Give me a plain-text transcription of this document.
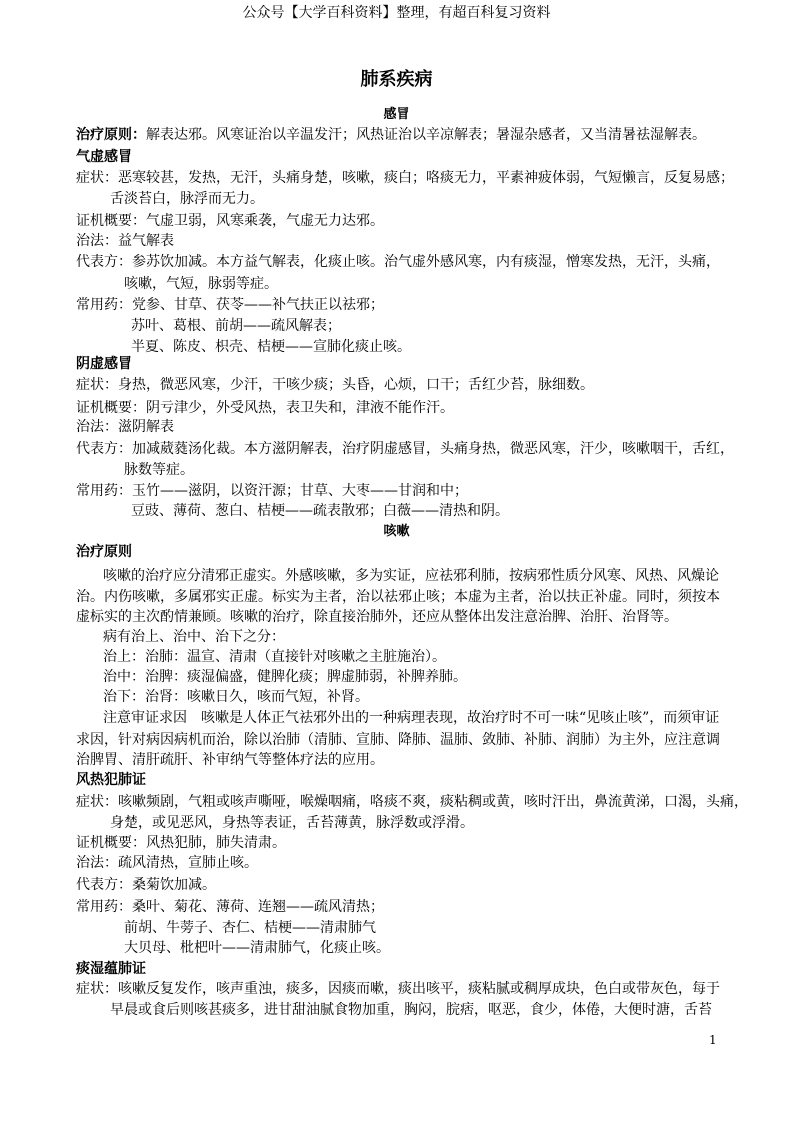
公众号【大学百科资料】整理，有超百科复习资料
肺系疾病
感冒
治疗原则：解表达邪。风寒证治以辛温发汗；风热证治以辛凉解表；暑湿杂感者，又当清暑祛湿解表。
气虚感冒
症状：恶寒较甚，发热，无汗，头痛身楚，咳嗽，痰白；咯痰无力，平素神疲体弱，气短懒言，反复易感；
舌淡苔白，脉浮而无力。
证机概要：气虚卫弱，风寒乘袭，气虚无力达邪。
治法：益气解表
代表方：参苏饮加减。本方益气解表，化痰止咳。治气虚外感风寒，内有痰湿，憎寒发热，无汗，头痛，
咳嗽，气短，脉弱等症。
常用药：党参、甘草、茯苓——补气扶正以祛邪；
苏叶、葛根、前胡——疏风解表；
半夏、陈皮、枳壳、桔梗——宣肺化痰止咳。
阴虚感冒
症状：身热，微恶风寒，少汗，干咳少痰；头昏，心烦，口干；舌红少苔，脉细数。
证机概要：阴亏津少，外受风热，表卫失和，津液不能作汗。
治法：滋阴解表
代表方：加减葳蕤汤化裁。本方滋阴解表，治疗阴虚感冒，头痛身热，微恶风寒，汗少，咳嗽咽干，舌红，
脉数等症。
常用药：玉竹——滋阴，以资汗源；甘草、大枣——甘润和中；
豆豉、薄荷、葱白、桔梗——疏表散邪；白薇——清热和阴。
咳嗽
治疗原则
咳嗽的治疗应分清邪正虚实。外感咳嗽，多为实证，应祛邪利肺，按病邪性质分风寒、风热、风燥论
治。内伤咳嗽，多属邪实正虚。标实为主者，治以祛邪止咳；本虚为主者，治以扶正补虚。同时，须按本
虚标实的主次酌情兼顾。咳嗽的治疗，除直接治肺外，还应从整体出发注意治脾、治肝、治肾等。
病有治上、治中、治下之分：
治上：治肺：温宣、清肃（直接针对咳嗽之主脏施治）。
治中：治脾：痰湿偏盛，健脾化痰；脾虚肺弱，补脾养肺。
治下：治肾：咳嗽日久，咳而气短，补肾。
注意审证求因　咳嗽是人体正气祛邪外出的一种病理表现，故治疗时不可一味“见咳止咳”，而须审证
求因，针对病因病机而治，除以治肺（清肺、宣肺、降肺、温肺、敛肺、补肺、润肺）为主外，应注意调
治脾胃、清肝疏肝、补审纳气等整体疗法的应用。
风热犯肺证
症状：咳嗽频剧，气粗或咳声嘶哑，喉燥咽痛，咯痰不爽，痰粘稠或黄，咳时汗出，鼻流黄涕，口渴，头痛，
身楚，或见恶风，身热等表证，舌苔薄黄，脉浮数或浮滑。
证机概要：风热犯肺，肺失清肃。
治法：疏风清热，宣肺止咳。
代表方：桑菊饮加减。
常用药：桑叶、菊花、薄荷、连翘——疏风清热；
前胡、牛蒡子、杏仁、桔梗——清肃肺气
大贝母、枇杷叶——清肃肺气，化痰止咳。
痰湿蕴肺证
症状：咳嗽反复发作，咳声重浊，痰多，因痰而嗽，痰出咳平，痰粘腻或稠厚成块，色白或带灰色，每于
早晨或食后则咳甚痰多，进甘甜油腻食物加重，胸闷，脘痞，呕恶，食少，体倦，大便时溏，舌苔
1
